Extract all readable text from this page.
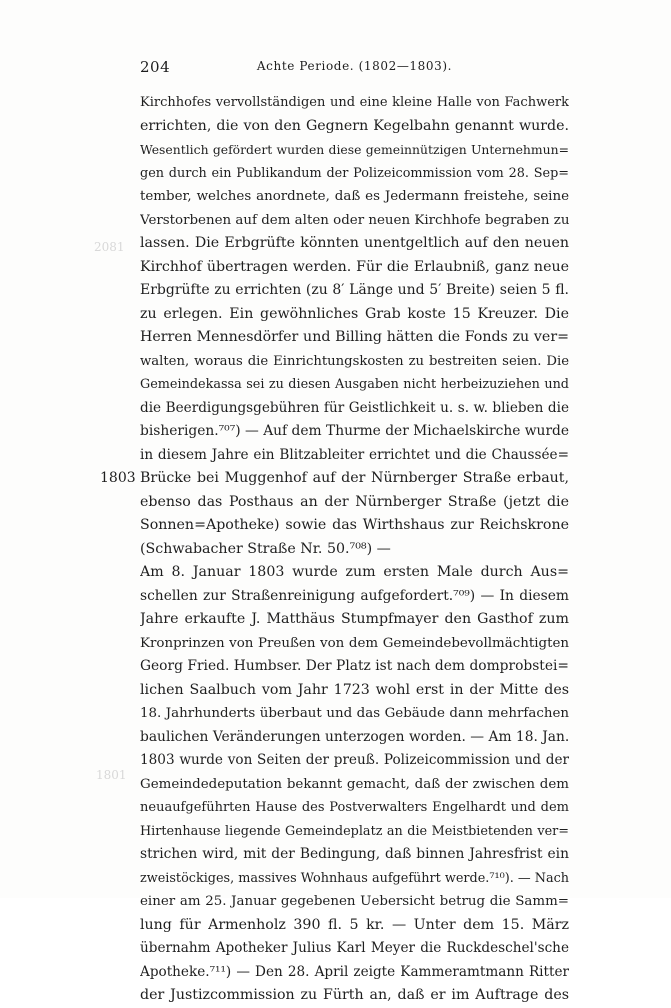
204	Achte Periode. (1802—1803).
1803
2081
1801
Kirchhofes vervollständigen und eine kleine Halle von Fachwerk
errichten, die von den Gegnern Kegelbahn genannt wurde.
Wesentlich gefördert wurden diese gemeinnützigen Unternehmun=
gen durch ein Publikandum der Polizeicommission vom 28. Sep=
tember, welches anordnete, daß es Jedermann freistehe, seine
Verstorbenen auf dem alten oder neuen Kirchhofe begraben zu
lassen. Die Erbgrüfte könnten unentgeltlich auf den neuen
Kirchhof übertragen werden. Für die Erlaubniß, ganz neue
Erbgrüfte zu errichten (zu 8′ Länge und 5′ Breite) seien 5 fl.
zu erlegen. Ein gewöhnliches Grab koste 15 Kreuzer. Die
Herren Mennesdörfer und Billing hätten die Fonds zu ver=
walten, woraus die Einrichtungskosten zu bestreiten seien. Die
Gemeindekassa sei zu diesen Ausgaben nicht herbeizuziehen und
die Beerdigungsgebühren für Geistlichkeit u. s. w. blieben die
bisherigen.⁷⁰⁷) — Auf dem Thurme der Michaelskirche wurde
in diesem Jahre ein Blitzableiter errichtet und die Chaussée=
Brücke bei Muggenhof auf der Nürnberger Straße erbaut,
ebenso das Posthaus an der Nürnberger Straße (jetzt die
Sonnen=Apotheke) sowie das Wirthshaus zur Reichskrone
(Schwabacher Straße Nr. 50.⁷⁰⁸) —
Am 8. Januar 1803 wurde zum ersten Male durch Aus=
schellen zur Straßenreinigung aufgefordert.⁷⁰⁹) — In diesem
Jahre erkaufte J. Matthäus Stumpfmayer den Gasthof zum
Kronprinzen von Preußen von dem Gemeindebevollmächtigten
Georg Fried. Humbser. Der Platz ist nach dem domprobstei=
lichen Saalbuch vom Jahr 1723 wohl erst in der Mitte des
18. Jahrhunderts überbaut und das Gebäude dann mehrfachen
baulichen Veränderungen unterzogen worden. — Am 18. Jan.
1803 wurde von Seiten der preuß. Polizeicommission und der
Gemeindedeputation bekannt gemacht, daß der zwischen dem
neuaufgeführten Hause des Postverwalters Engelhardt und dem
Hirtenhause liegende Gemeindeplatz an die Meistbietenden ver=
strichen wird, mit der Bedingung, daß binnen Jahresfrist ein
zweistöckiges, massives Wohnhaus aufgeführt werde.⁷¹⁰). — Nach
einer am 25. Januar gegebenen Uebersicht betrug die Samm=
lung für Armenholz 390 fl. 5 kr. — Unter dem 15. März
übernahm Apotheker Julius Karl Meyer die Ruckdeschel'sche
Apotheke.⁷¹¹) — Den 28. April zeigte Kammeramtmann Ritter
der Justizcommission zu Fürth an, daß er im Auftrage des
